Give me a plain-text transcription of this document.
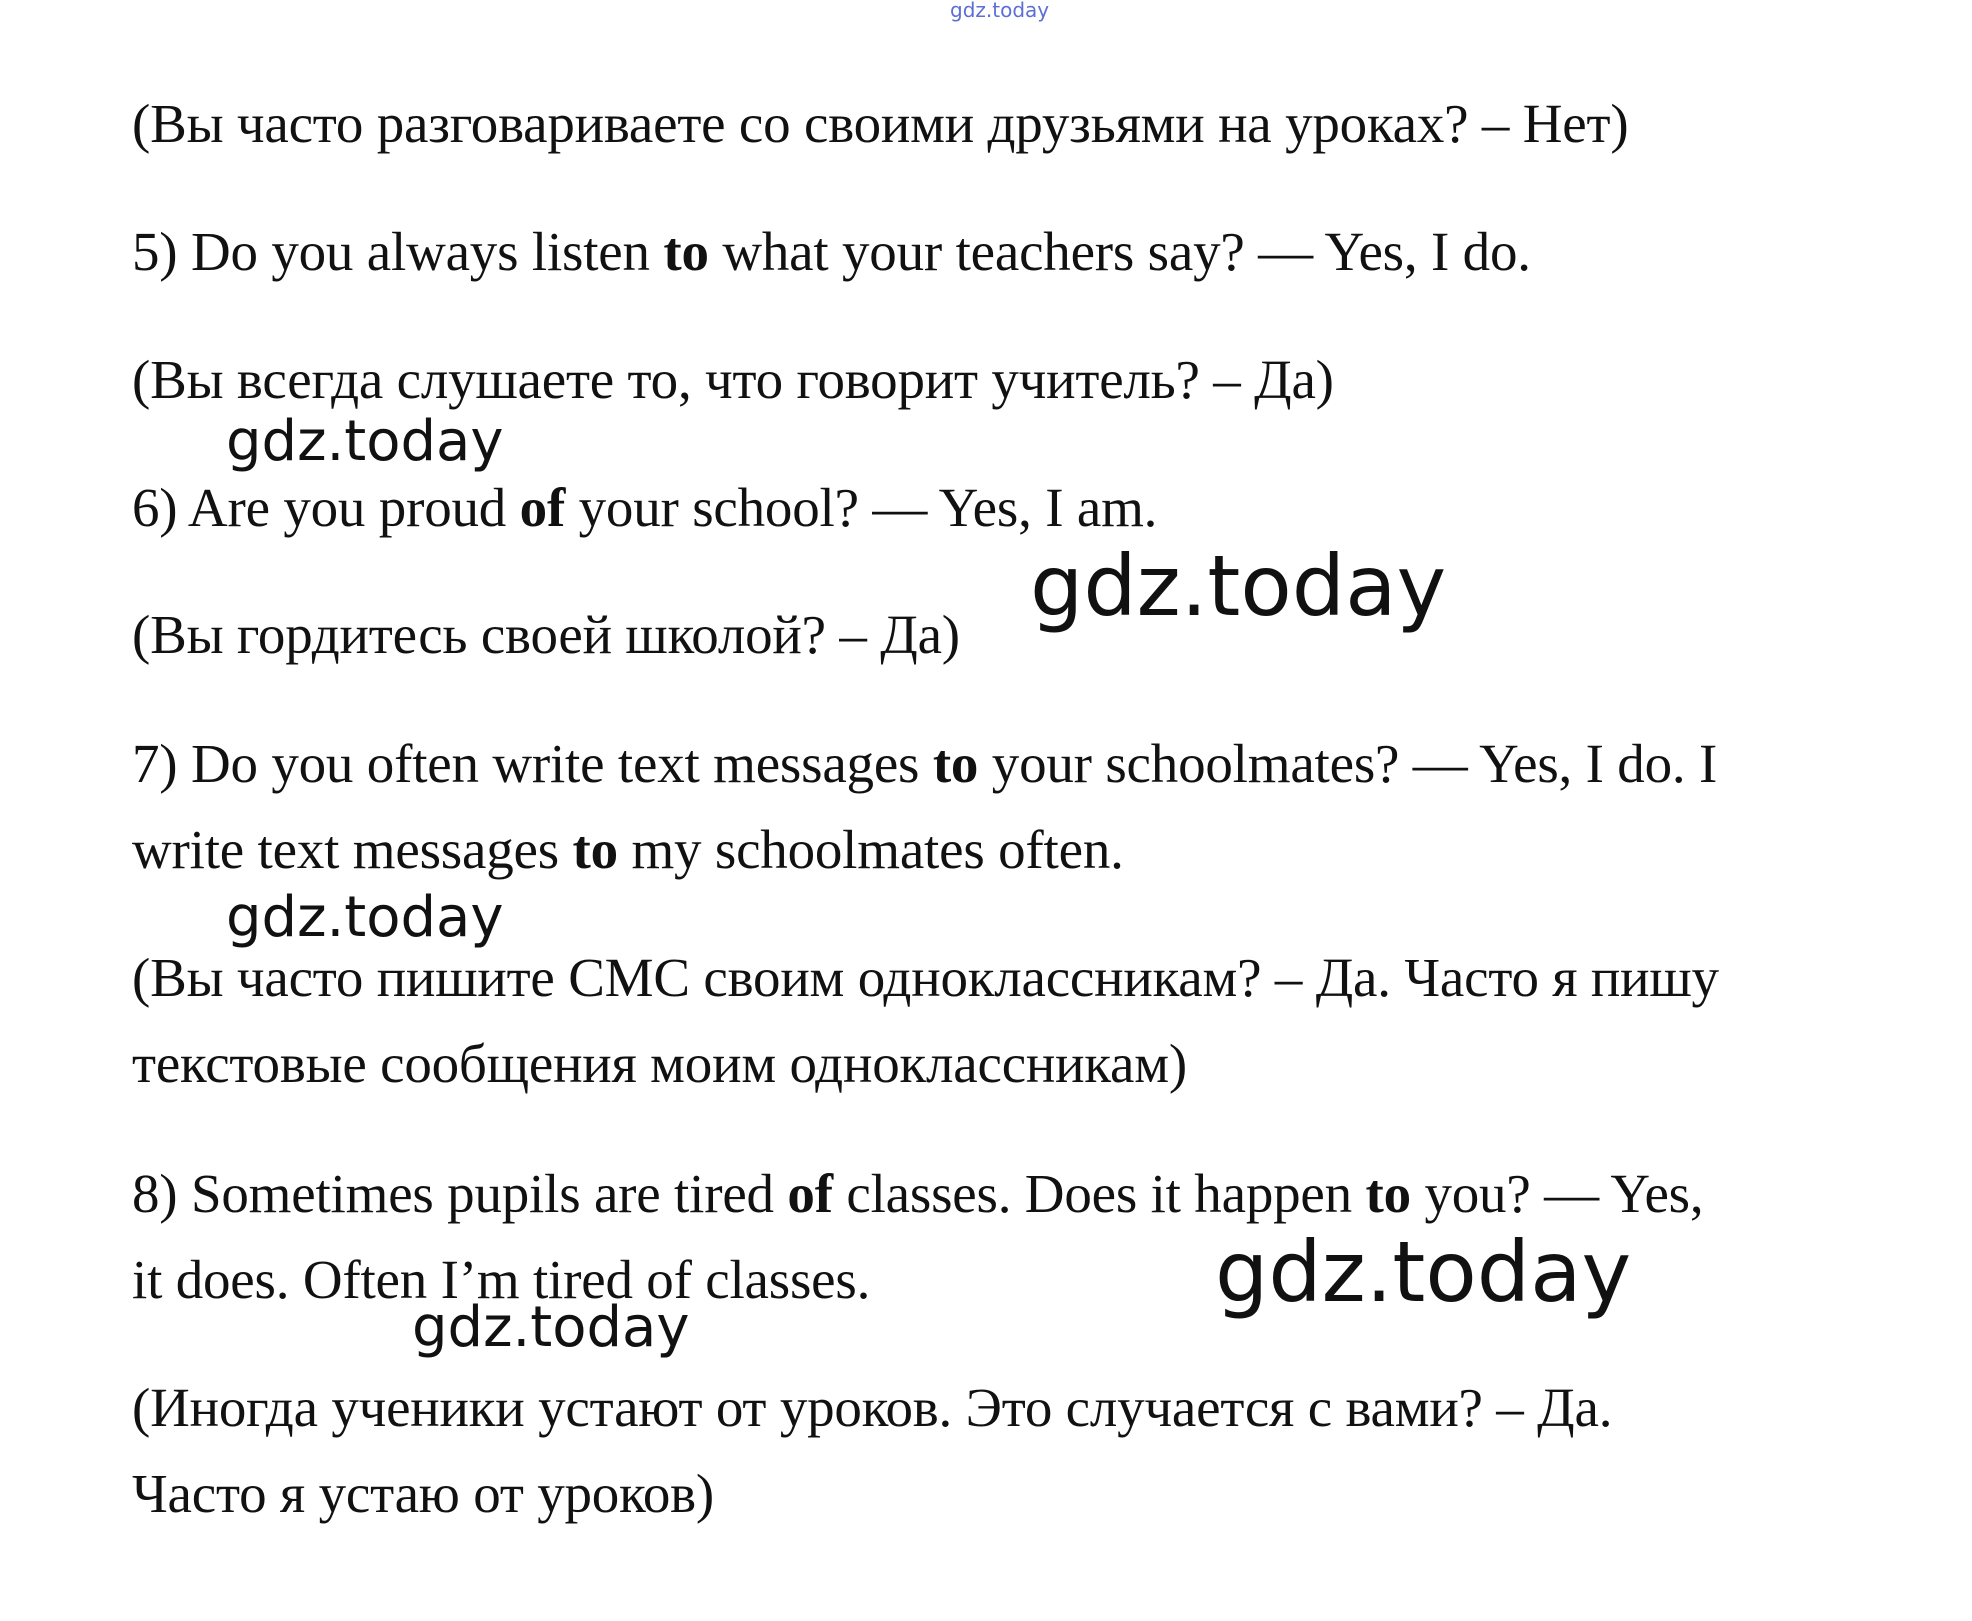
gdz.today
(Вы часто разговариваете со своими друзьями на уроках? – Нет)
5) Do you always listen to what your teachers say? — Yes, I do.
(Вы всегда слушаете то, что говорит учитель? – Да)
6) Are you proud of your school? — Yes, I am.
(Вы гордитесь своей школой? – Да)
7) Do you often write text messages to your schoolmates? — Yes, I do. I
write text messages to my schoolmates often.
(Вы часто пишите СМС своим одноклассникам? – Да. Часто я пишу
текстовые сообщения моим одноклассникам)
8) Sometimes pupils are tired of classes. Does it happen to you? — Yes,
it does. Often I’m tired of classes.
(Иногда ученики устают от уроков. Это случается с вами? – Да.
Часто я устаю от уроков)
gdz.today
gdz.today
gdz.today
gdz.today
gdz.today
